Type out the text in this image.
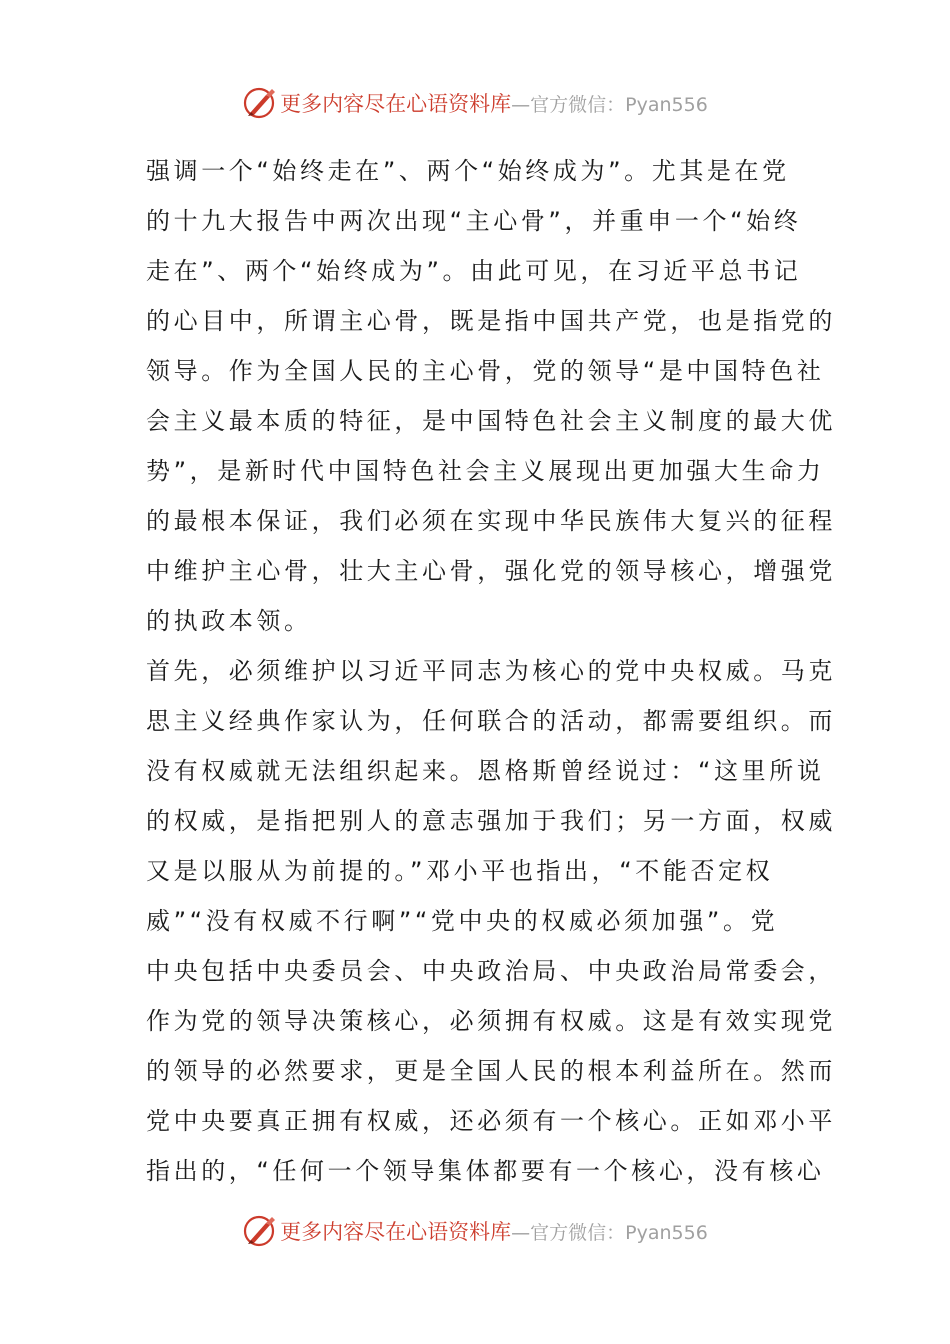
更多内容尽在心语资料库 —官方微信：Pyan556
强调一个“始终走在”、两个“始终成为”。尤其是在党
的十九大报告中两次出现“主心骨”，并重申一个“始终
走在”、两个“始终成为”。由此可见，在习近平总书记
的心目中，所谓主心骨，既是指中国共产党，也是指党的
领导。作为全国人民的主心骨，党的领导“是中国特色社
会主义最本质的特征，是中国特色社会主义制度的最大优
势”，是新时代中国特色社会主义展现出更加强大生命力
的最根本保证，我们必须在实现中华民族伟大复兴的征程
中维护主心骨，壮大主心骨，强化党的领导核心，增强党
的执政本领。
首先，必须维护以习近平同志为核心的党中央权威。马克
思主义经典作家认为，任何联合的活动，都需要组织。而
没有权威就无法组织起来。恩格斯曾经说过：“这里所说
的权威，是指把别人的意志强加于我们；另一方面，权威
又是以服从为前提的。”邓小平也指出，“不能否定权
威”“没有权威不行啊”“党中央的权威必须加强”。党
中央包括中央委员会、中央政治局、中央政治局常委会，
作为党的领导决策核心，必须拥有权威。这是有效实现党
的领导的必然要求，更是全国人民的根本利益所在。然而
党中央要真正拥有权威，还必须有一个核心。正如邓小平
指出的，“任何一个领导集体都要有一个核心，没有核心
更多内容尽在心语资料库 —官方微信：Pyan556
